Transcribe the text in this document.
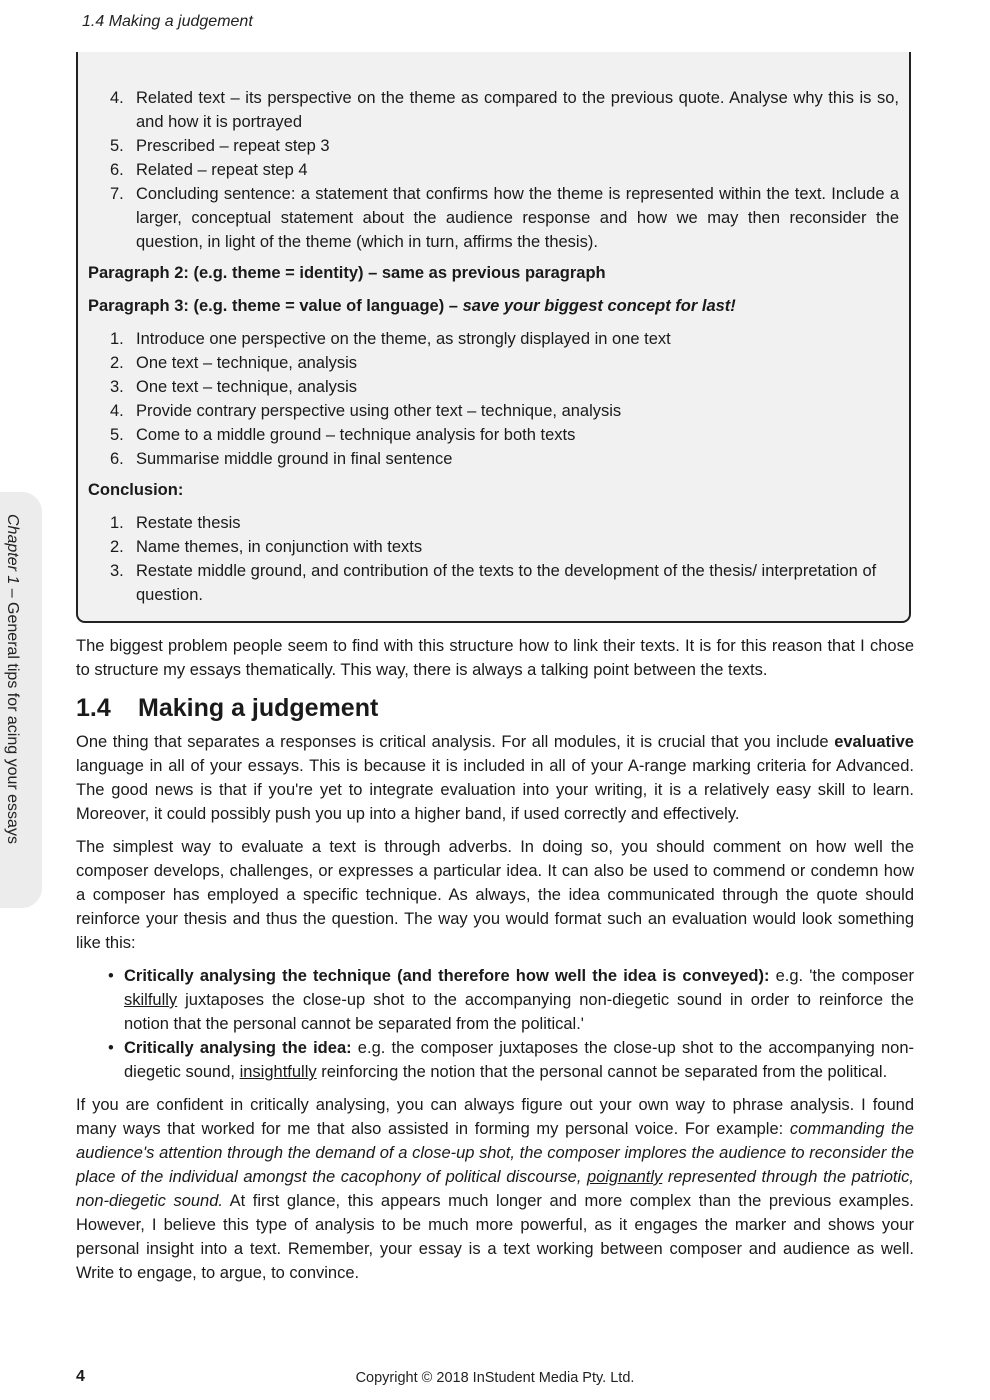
1.4 Making a judgement
Chapter 1 – General tips for acing your essays
4. Related text – its perspective on the theme as compared to the previous quote. Analyse why this is so, and how it is portrayed
5. Prescribed – repeat step 3
6. Related – repeat step 4
7. Concluding sentence: a statement that confirms how the theme is represented within the text. Include a larger, conceptual statement about the audience response and how we may then reconsider the question, in light of the theme (which in turn, affirms the thesis).
Paragraph 2: (e.g. theme = identity) – same as previous paragraph
Paragraph 3: (e.g. theme = value of language) – save your biggest concept for last!
1. Introduce one perspective on the theme, as strongly displayed in one text
2. One text – technique, analysis
3. One text – technique, analysis
4. Provide contrary perspective using other text – technique, analysis
5. Come to a middle ground – technique analysis for both texts
6. Summarise middle ground in final sentence
Conclusion:
1. Restate thesis
2. Name themes, in conjunction with texts
3. Restate middle ground, and contribution of the texts to the development of the thesis/ interpretation of question.

The biggest problem people seem to find with this structure how to link their texts. It is for this reason that I chose to structure my essays thematically. This way, there is always a talking point between the texts.

1.4 Making a judgement

One thing that separates a responses is critical analysis. For all modules, it is crucial that you include evaluative language in all of your essays. This is because it is included in all of your A-range marking criteria for Advanced. The good news is that if you're yet to integrate evaluation into your writing, it is a relatively easy skill to learn. Moreover, it could possibly push you up into a higher band, if used correctly and effectively.

The simplest way to evaluate a text is through adverbs. In doing so, you should comment on how well the composer develops, challenges, or expresses a particular idea. It can also be used to commend or condemn how a composer has employed a specific technique. As always, the idea communicated through the quote should reinforce your thesis and thus the question. The way you would format such an evaluation would look something like this:

• Critically analysing the technique (and therefore how well the idea is conveyed): e.g. 'the composer skilfully juxtaposes the close-up shot to the accompanying non-diegetic sound in order to reinforce the notion that the personal cannot be separated from the political.'
• Critically analysing the idea: e.g. the composer juxtaposes the close-up shot to the accompanying non-diegetic sound, insightfully reinforcing the notion that the personal cannot be separated from the political.

If you are confident in critically analysing, you can always figure out your own way to phrase analysis. I found many ways that worked for me that also assisted in forming my personal voice. For example: commanding the audience's attention through the demand of a close-up shot, the composer implores the audience to reconsider the place of the individual amongst the cacophony of political discourse, poignantly represented through the patriotic, non-diegetic sound. At first glance, this appears much longer and more complex than the previous examples. However, I believe this type of analysis to be much more powerful, as it engages the marker and shows your personal insight into a text. Remember, your essay is a text working between composer and audience as well. Write to engage, to argue, to convince.

4	Copyright © 2018 InStudent Media Pty. Ltd.
